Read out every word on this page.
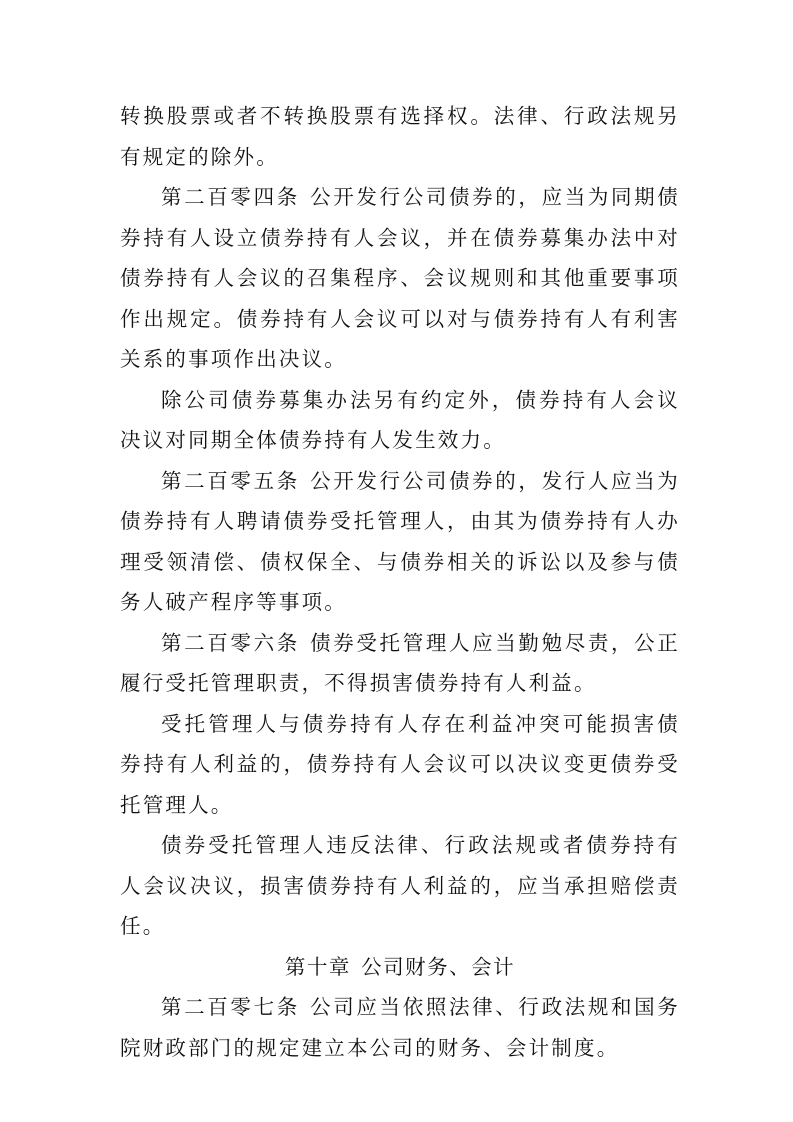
转换股票或者不转换股票有选择权。法律、行政法规另有规定的除外。

第二百零四条 公开发行公司债券的，应当为同期债券持有人设立债券持有人会议，并在债券募集办法中对债券持有人会议的召集程序、会议规则和其他重要事项作出规定。债券持有人会议可以对与债券持有人有利害关系的事项作出决议。

除公司债券募集办法另有约定外，债券持有人会议决议对同期全体债券持有人发生效力。

第二百零五条 公开发行公司债券的，发行人应当为债券持有人聘请债券受托管理人，由其为债券持有人办理受领清偿、债权保全、与债券相关的诉讼以及参与债务人破产程序等事项。

第二百零六条 债券受托管理人应当勤勉尽责，公正履行受托管理职责，不得损害债券持有人利益。

受托管理人与债券持有人存在利益冲突可能损害债券持有人利益的，债券持有人会议可以决议变更债券受托管理人。

债券受托管理人违反法律、行政法规或者债券持有人会议决议，损害债券持有人利益的，应当承担赔偿责任。

第十章 公司财务、会计

第二百零七条 公司应当依照法律、行政法规和国务院财政部门的规定建立本公司的财务、会计制度。
